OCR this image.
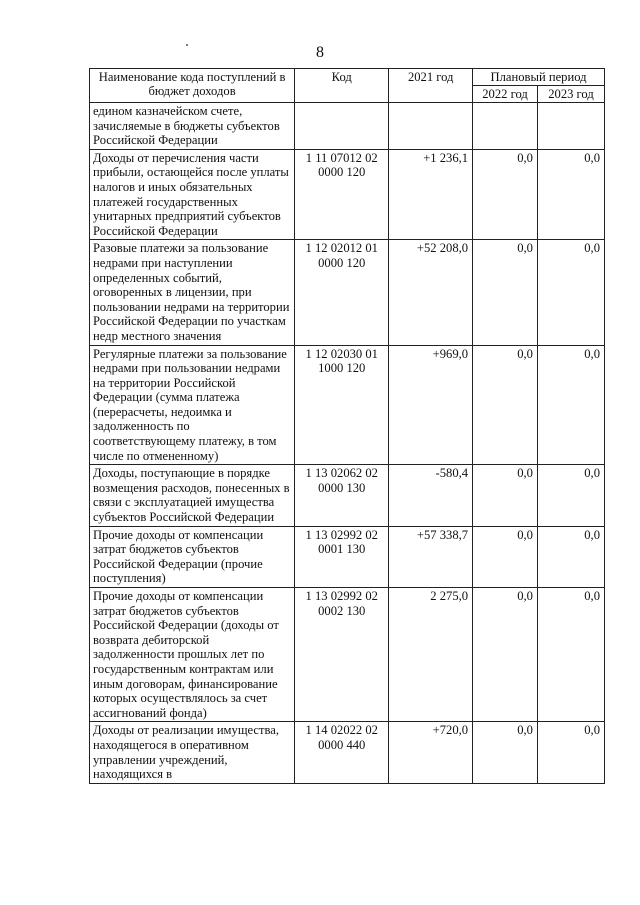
8
Наименование кода поступлений в бюджет доходов	Код	2021 год	Плановый период	
			2022 год	2023 год
едином казначейском счете, зачисляемые в бюджеты субъектов Российской Федерации				
Доходы от перечисления части прибыли, остающейся после уплаты налогов и иных обязательных платежей государственных унитарных предприятий субъектов Российской Федерации	1 11 07012 02 0000 120	+1 236,1	0,0	0,0
Разовые платежи за пользование недрами при наступлении определенных событий, оговоренных в лицензии, при пользовании недрами на территории Российской Федерации по участкам недр местного значения	1 12 02012 01 0000 120	+52 208,0	0,0	0,0
Регулярные платежи за пользование недрами при пользовании недрами на территории Российской Федерации (сумма платежа (перерасчеты, недоимка и задолженность по соответствующему платежу, в том числе по отмененному)	1 12 02030 01 1000 120	+969,0	0,0	0,0
Доходы, поступающие в порядке возмещения расходов, понесенных в связи с эксплуатацией имущества субъектов Российской Федерации	1 13 02062 02 0000 130	-580,4	0,0	0,0
Прочие доходы от компенсации затрат бюджетов субъектов Российской Федерации (прочие поступления)	1 13 02992 02 0001 130	+57 338,7	0,0	0,0
Прочие доходы от компенсации затрат бюджетов субъектов Российской Федерации (доходы от возврата дебиторской задолженности прошлых лет по государственным контрактам или иным договорам, финансирование которых осуществлялось за счет ассигнований фонда)	1 13 02992 02 0002 130	2 275,0	0,0	0,0
Доходы от реализации имущества, находящегося в оперативном управлении учреждений, находящихся в	1 14 02022 02 0000 440	+720,0	0,0	0,0
